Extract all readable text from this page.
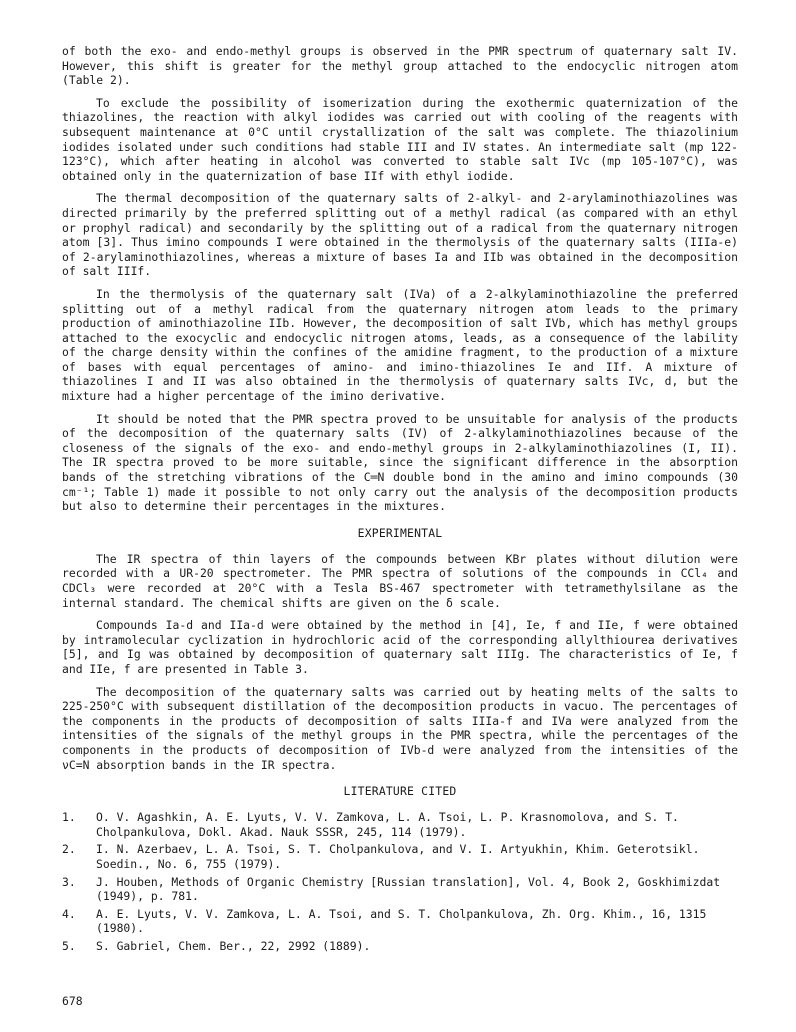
of both the exo- and endo-methyl groups is observed in the PMR spectrum of quaternary salt IV. However, this shift is greater for the methyl group attached to the endocyclic nitrogen atom (Table 2).

To exclude the possibility of isomerization during the exothermic quaternization of the thiazolines, the reaction with alkyl iodides was carried out with cooling of the reagents with subsequent maintenance at 0°C until crystallization of the salt was complete. The thiazolinium iodides isolated under such conditions had stable III and IV states. An intermediate salt (mp 122-123°C), which after heating in alcohol was converted to stable salt IVc (mp 105-107°C), was obtained only in the quaternization of base IIf with ethyl iodide.

The thermal decomposition of the quaternary salts of 2-alkyl- and 2-arylaminothiazolines was directed primarily by the preferred splitting out of a methyl radical (as compared with an ethyl or prophyl radical) and secondarily by the splitting out of a radical from the quaternary nitrogen atom [3]. Thus imino compounds I were obtained in the thermolysis of the quaternary salts (IIIa-e) of 2-arylaminothiazolines, whereas a mixture of bases Ia and IIb was obtained in the decomposition of salt IIIf.

In the thermolysis of the quaternary salt (IVa) of a 2-alkylaminothiazoline the preferred splitting out of a methyl radical from the quaternary nitrogen atom leads to the primary production of aminothiazoline IIb. However, the decomposition of salt IVb, which has methyl groups attached to the exocyclic and endocyclic nitrogen atoms, leads, as a consequence of the lability of the charge density within the confines of the amidine fragment, to the production of a mixture of bases with equal percentages of amino- and imino-thiazolines Ie and IIf. A mixture of thiazolines I and II was also obtained in the thermolysis of quaternary salts IVc, d, but the mixture had a higher percentage of the imino derivative.

It should be noted that the PMR spectra proved to be unsuitable for analysis of the products of the decomposition of the quaternary salts (IV) of 2-alkylaminothiazolines because of the closeness of the signals of the exo- and endo-methyl groups in 2-alkylaminothiazolines (I, II). The IR spectra proved to be more suitable, since the significant difference in the absorption bands of the stretching vibrations of the C═N double bond in the amino and imino compounds (30 cm⁻¹; Table 1) made it possible to not only carry out the analysis of the decomposition products but also to determine their percentages in the mixtures.

EXPERIMENTAL

The IR spectra of thin layers of the compounds between KBr plates without dilution were recorded with a UR-20 spectrometer. The PMR spectra of solutions of the compounds in CCl₄ and CDCl₃ were recorded at 20°C with a Tesla BS-467 spectrometer with tetramethylsilane as the internal standard. The chemical shifts are given on the δ scale.

Compounds Ia-d and IIa-d were obtained by the method in [4], Ie, f and IIe, f were obtained by intramolecular cyclization in hydrochloric acid of the corresponding allylthiourea derivatives [5], and Ig was obtained by decomposition of quaternary salt IIIg. The characteristics of Ie, f and IIe, f are presented in Table 3.

The decomposition of the quaternary salts was carried out by heating melts of the salts to 225-250°C with subsequent distillation of the decomposition products in vacuo. The percentages of the components in the products of decomposition of salts IIIa-f and IVa were analyzed from the intensities of the signals of the methyl groups in the PMR spectra, while the percentages of the components in the products of decomposition of IVb-d were analyzed from the intensities of the νC=N absorption bands in the IR spectra.

LITERATURE CITED
1. O. V. Agashkin, A. E. Lyuts, V. V. Zamkova, L. A. Tsoi, L. P. Krasnomolova, and S. T. Cholpankulova, Dokl. Akad. Nauk SSSR, 245, 114 (1979).
2. I. N. Azerbaev, L. A. Tsoi, S. T. Cholpankulova, and V. I. Artyukhin, Khim. Geterotsikl. Soedin., No. 6, 755 (1979).
3. J. Houben, Methods of Organic Chemistry [Russian translation], Vol. 4, Book 2, Goskhimizdat (1949), p. 781.
4. A. E. Lyuts, V. V. Zamkova, L. A. Tsoi, and S. T. Cholpankulova, Zh. Org. Khim., 16, 1315 (1980).
5. S. Gabriel, Chem. Ber., 22, 2992 (1889).
678
